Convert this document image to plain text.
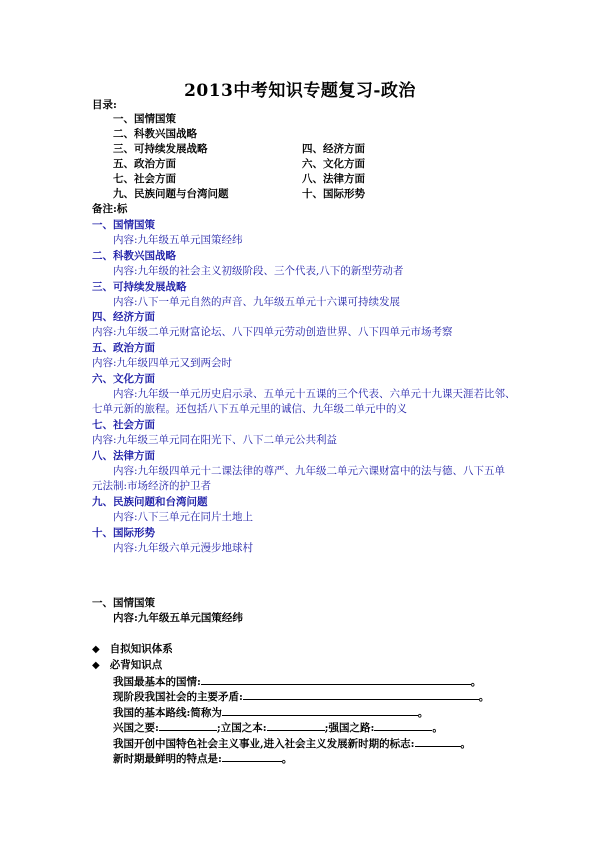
2013中考知识专题复习-政治
目录:
一、国情国策
二、科教兴国战略
三、可持续发展战略	四、经济方面
五、政治方面	六、文化方面
七、社会方面	八、法律方面
九、民族问题与台湾问题	十、国际形势
备注:标
一、国情国策
内容:九年级五单元国策经纬
二、科教兴国战略
内容:九年级的社会主义初级阶段、三个代表,八下的新型劳动者
三、可持续发展战略
内容:八下一单元自然的声音、九年级五单元十六课可持续发展
四、经济方面
内容:九年级二单元财富论坛、八下四单元劳动创造世界、八下四单元市场考察
五、政治方面
内容:九年级四单元又到两会时
六、文化方面
内容:九年级一单元历史启示录、五单元十五课的三个代表、六单元十九课天涯若比邻、
七单元新的旅程。还包括八下五单元里的诚信、九年级二单元中的义
七、社会方面
内容:九年级三单元同在阳光下、八下二单元公共利益
八、法律方面
内容:九年级四单元十二课法律的尊严、九年级二单元六课财富中的法与德、八下五单
元法制:市场经济的护卫者
九、民族问题和台湾问题
内容:八下三单元在同片土地上
十、国际形势
内容:九年级六单元漫步地球村
一、国情国策
内容:九年级五单元国策经纬
◆ 自拟知识体系
◆ 必背知识点
我国最基本的国情:	。
现阶段我国社会的主要矛盾:	。
我国的基本路线:简称为	。
兴国之要:	;立国之本:	;强国之路:	。
我国开创中国特色社会主义事业,进入社会主义发展新时期的标志:	。
新时期最鲜明的特点是:	。
